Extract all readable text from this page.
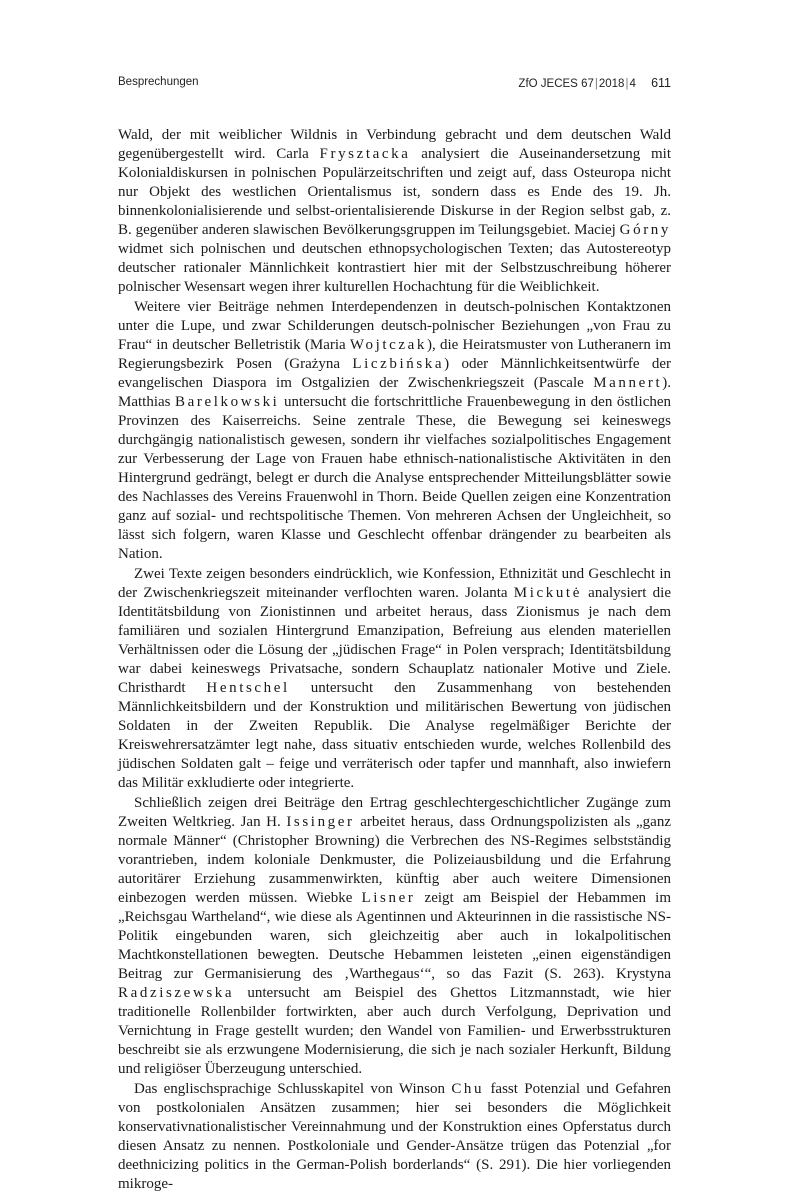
Besprechungen	ZfO JECES 67|2018|4 611

Wald, der mit weiblicher Wildnis in Verbindung gebracht und dem deutschen Wald gegenübergestellt wird. Carla Frysztacka analysiert die Auseinandersetzung mit Kolonialdiskursen in polnischen Populärzeitschriften und zeigt auf, dass Osteuropa nicht nur Objekt des westlichen Orientalismus ist, sondern dass es Ende des 19. Jh. binnenkolonialisierende und selbst-orientalisierende Diskurse in der Region selbst gab, z. B. gegenüber anderen slawischen Bevölkerungsgruppen im Teilungsgebiet. Maciej Górny widmet sich polnischen und deutschen ethnopsychologischen Texten; das Autostereotyp deutscher rationaler Männlichkeit kontrastiert hier mit der Selbstzuschreibung höherer polnischer Wesensart wegen ihrer kulturellen Hochachtung für die Weiblichkeit.

Weitere vier Beiträge nehmen Interdependenzen in deutsch-polnischen Kontaktzonen unter die Lupe, und zwar Schilderungen deutsch-polnischer Beziehungen „von Frau zu Frau“ in deutscher Belletristik (Maria Wojtczak), die Heiratsmuster von Lutheranern im Regierungsbezirk Posen (Grażyna Liczbińska) oder Männlichkeitsentwürfe der evangelischen Diaspora im Ostgalizien der Zwischenkriegszeit (Pascale Mannert). Matthias Barelkowski untersucht die fortschrittliche Frauenbewegung in den östlichen Provinzen des Kaiserreichs. Seine zentrale These, die Bewegung sei keineswegs durchgängig nationalistisch gewesen, sondern ihr vielfaches sozialpolitisches Engagement zur Verbesserung der Lage von Frauen habe ethnisch-nationalistische Aktivitäten in den Hintergrund gedrängt, belegt er durch die Analyse entsprechender Mitteilungsblätter sowie des Nachlasses des Vereins Frauenwohl in Thorn. Beide Quellen zeigen eine Konzentration ganz auf sozial- und rechtspolitische Themen. Von mehreren Achsen der Ungleichheit, so lässt sich folgern, waren Klasse und Geschlecht offenbar drängender zu bearbeiten als Nation.

Zwei Texte zeigen besonders eindrücklich, wie Konfession, Ethnizität und Geschlecht in der Zwischenkriegszeit miteinander verflochten waren. Jolanta Mickutė analysiert die Identitätsbildung von Zionistinnen und arbeitet heraus, dass Zionismus je nach dem familiären und sozialen Hintergrund Emanzipation, Befreiung aus elenden materiellen Verhältnissen oder die Lösung der „jüdischen Frage“ in Polen versprach; Identitätsbildung war dabei keineswegs Privatsache, sondern Schauplatz nationaler Motive und Ziele. Christhardt Hentschel untersucht den Zusammenhang von bestehenden Männlichkeitsbildern und der Konstruktion und militärischen Bewertung von jüdischen Soldaten in der Zweiten Republik. Die Analyse regelmäßiger Berichte der Kreiswehrersatzämter legt nahe, dass situativ entschieden wurde, welches Rollenbild des jüdischen Soldaten galt – feige und verräterisch oder tapfer und mannhaft, also inwiefern das Militär exkludierte oder integrierte.

Schließlich zeigen drei Beiträge den Ertrag geschlechtergeschichtlicher Zugänge zum Zweiten Weltkrieg. Jan H. Issinger arbeitet heraus, dass Ordnungspolizisten als „ganz normale Männer“ (Christopher Browning) die Verbrechen des NS-Regimes selbstständig vorantrieben, indem koloniale Denkmuster, die Polizeiausbildung und die Erfahrung autoritärer Erziehung zusammenwirkten, künftig aber auch weitere Dimensionen einbezogen werden müssen. Wiebke Lisner zeigt am Beispiel der Hebammen im „Reichsgau Wartheland“, wie diese als Agentinnen und Akteurinnen in die rassistische NS-Politik eingebunden waren, sich gleichzeitig aber auch in lokalpolitischen Machtkonstellationen bewegten. Deutsche Hebammen leisteten „einen eigenständigen Beitrag zur Germanisierung des ‚Warthegaus‘“, so das Fazit (S. 263). Krystyna Radziszewska untersucht am Beispiel des Ghettos Litzmannstadt, wie hier traditionelle Rollenbilder fortwirkten, aber auch durch Verfolgung, Deprivation und Vernichtung in Frage gestellt wurden; den Wandel von Familien- und Erwerbsstrukturen beschreibt sie als erzwungene Modernisierung, die sich je nach sozialer Herkunft, Bildung und religiöser Überzeugung unterschied.

Das englischsprachige Schlusskapitel von Winson Chu fasst Potenzial und Gefahren von postkolonialen Ansätzen zusammen; hier sei besonders die Möglichkeit konservativnationalistischer Vereinnahmung und der Konstruktion eines Opferstatus durch diesen Ansatz zu nennen. Postkoloniale und Gender-Ansätze trügen das Potenzial „for deethnicizing politics in the German-Polish borderlands“ (S. 291). Die hier vorliegenden mikroge-
